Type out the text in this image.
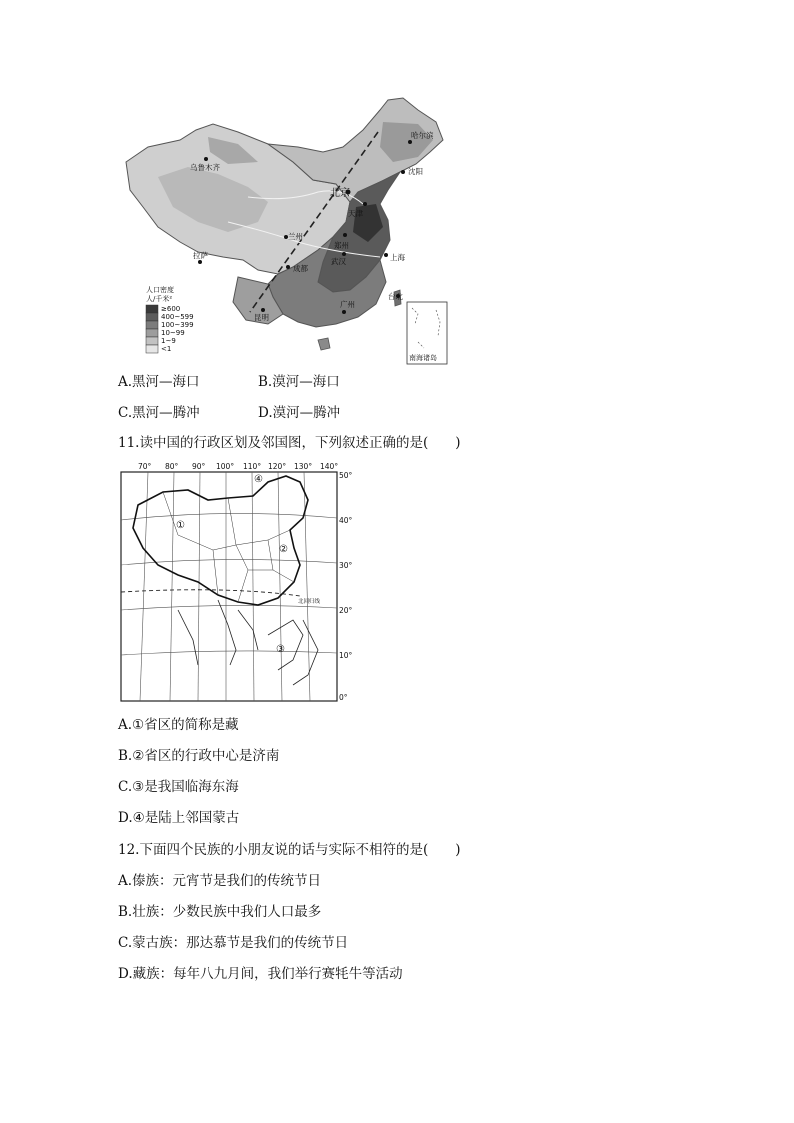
乌鲁木齐
北京
天津
哈尔滨
沈阳
兰州
郑州
武汉	上海
拉萨
成都
昆明
广州
台北
人口密度
人/千米²
≥600
400~599
100~399
10~99
1~9
<1
南海诸岛
A.黑河—海口	B.漠河—海口
C.黑河—腾冲	D.漠河—腾冲
11.读中国的行政区划及邻国图，下列叙述正确的是(　　)
70° 80° 90° 100° 110° 120° 130° 140°
50°
40°
30°
20°
10°
0°
北回归线
①
②
③
④
A.①省区的简称是藏
B.②省区的行政中心是济南
C.③是我国临海东海
D.④是陆上邻国蒙古
12.下面四个民族的小朋友说的话与实际不相符的是(　　)
A.傣族：元宵节是我们的传统节日
B.壮族：少数民族中我们人口最多
C.蒙古族：那达慕节是我们的传统节日
D.藏族：每年八九月间，我们举行赛牦牛等活动
